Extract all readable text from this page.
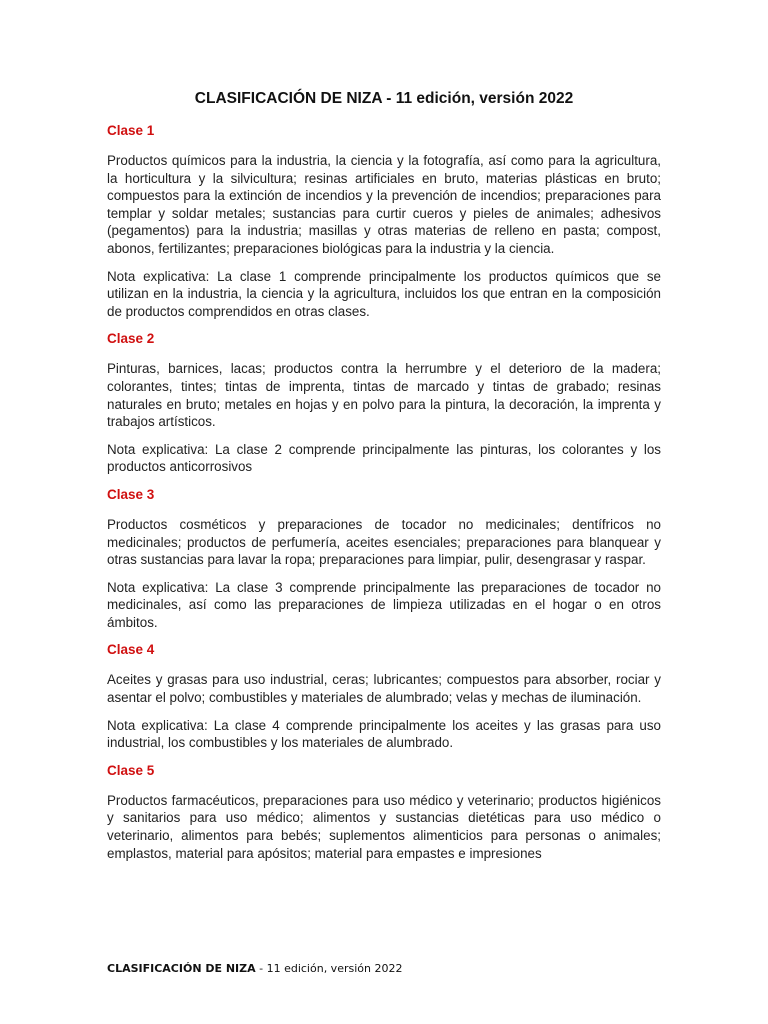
CLASIFICACIÓN DE NIZA - 11 edición, versión 2022
Clase 1

Productos químicos para la industria, la ciencia y la fotografía, así como para la agricultura, la horticultura y la silvicultura; resinas artificiales en bruto, materias plásticas en bruto; compuestos para la extinción de incendios y la prevención de incendios; preparaciones para templar y soldar metales; sustancias para curtir cueros y pieles de animales; adhesivos (pegamentos) para la industria; masillas y otras materias de relleno en pasta; compost, abonos, fertilizantes; preparaciones biológicas para la industria y la ciencia.

Nota explicativa: La clase 1 comprende principalmente los productos químicos que se utilizan en la industria, la ciencia y la agricultura, incluidos los que entran en la composición de productos comprendidos en otras clases.

Clase 2

Pinturas, barnices, lacas; productos contra la herrumbre y el deterioro de la madera; colorantes, tintes; tintas de imprenta, tintas de marcado y tintas de grabado; resinas naturales en bruto; metales en hojas y en polvo para la pintura, la decoración, la imprenta y trabajos artísticos.

Nota explicativa: La clase 2 comprende principalmente las pinturas, los colorantes y los productos anticorrosivos

Clase 3

Productos cosméticos y preparaciones de tocador no medicinales; dentífricos no medicinales; productos de perfumería, aceites esenciales; preparaciones para blanquear y otras sustancias para lavar la ropa; preparaciones para limpiar, pulir, desengrasar y raspar.

Nota explicativa: La clase 3 comprende principalmente las preparaciones de tocador no medicinales, así como las preparaciones de limpieza utilizadas en el hogar o en otros ámbitos.

Clase 4

Aceites y grasas para uso industrial, ceras; lubricantes; compuestos para absorber, rociar y asentar el polvo; combustibles y materiales de alumbrado; velas y mechas de iluminación.

Nota explicativa: La clase 4 comprende principalmente los aceites y las grasas para uso industrial, los combustibles y los materiales de alumbrado.

Clase 5

Productos farmacéuticos, preparaciones para uso médico y veterinario; productos higiénicos y sanitarios para uso médico; alimentos y sustancias dietéticas para uso médico o veterinario, alimentos para bebés; suplementos alimenticios para personas o animales; emplastos, material para apósitos; material para empastes e impresiones

CLASIFICACIÓN DE NIZA - 11 edición, versión 2022
